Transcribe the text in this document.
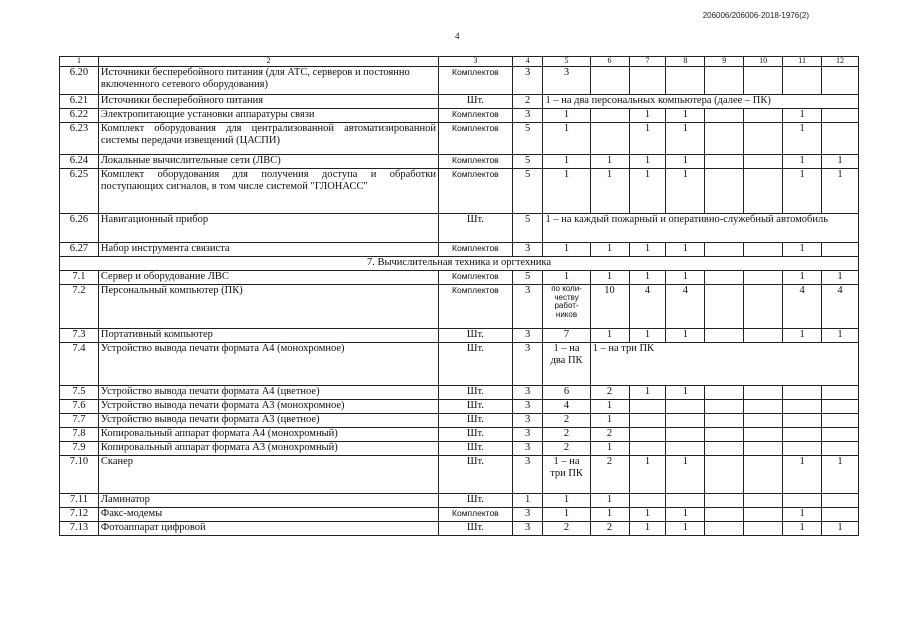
206006/206006-2018-1976(2)
4
1	2	3	4	5	6	7	8	9	10	11	12
6.20	Источники бесперебойного питания (для АТС, серверов и постоянно включенного сетевого оборудования)	Комплектов	3	3							
6.21	Источники бесперебойного питания	Шт.	2	1 – на два персональных компьютера (далее – ПК)							
6.22	Электропитающие установки аппаратуры связи	Комплектов	3	1		1	1			1	
6.23	Комплект оборудования для централизованной автоматизированной системы передачи извещений (ЦАСПИ)	Комплектов	5	1		1	1			1	
6.24	Локальные вычислительные сети (ЛВС)	Комплектов	5	1	1	1	1			1	1
6.25	Комплект оборудования для получения доступа и обработки поступающих сигналов, в том числе системой "ГЛОНАСС"	Комплектов	5	1	1	1	1			1	1
6.26	Навигационный прибор	Шт.	5	1 – на каждый пожарный и оперативно-служебный автомобиль							
6.27	Набор инструмента связиста	Комплектов	3	1	1	1	1			1	
7. Вычислительная техника и оргтехника											
7.1	Сервер и оборудование ЛВС	Комплектов	5	1	1	1	1			1	1
7.2	Персональный компьютер (ПК)	Комплектов	3	по коли-честву работ-ников	10	4	4			4	4
7.3	Портативный компьютер	Шт.	3	7	1	1	1			1	1
7.4	Устройство вывода печати формата А4 (монохромное)	Шт.	3	1 – на два ПК	1 – на три ПК						
7.5	Устройство вывода печати формата А4 (цветное)	Шт.	3	6	2	1	1				
7.6	Устройство вывода печати формата А3 (монохромное)	Шт.	3	4	1						
7.7	Устройство вывода печати формата А3 (цветное)	Шт.	3	2	1						
7.8	Копировальный аппарат формата А4 (монохромный)	Шт.	3	2	2						
7.9	Копировальный аппарат формата А3 (монохромный)	Шт.	3	2	1						
7.10	Сканер	Шт.	3	1 – на три ПК	2	1	1			1	1
7.11	Ламинатор	Шт.	1	1	1						
7.12	Факс-модемы	Комплектов	3	1	1	1	1			1	
7.13	Фотоаппарат цифровой	Шт.	3	2	2	1	1			1	1
